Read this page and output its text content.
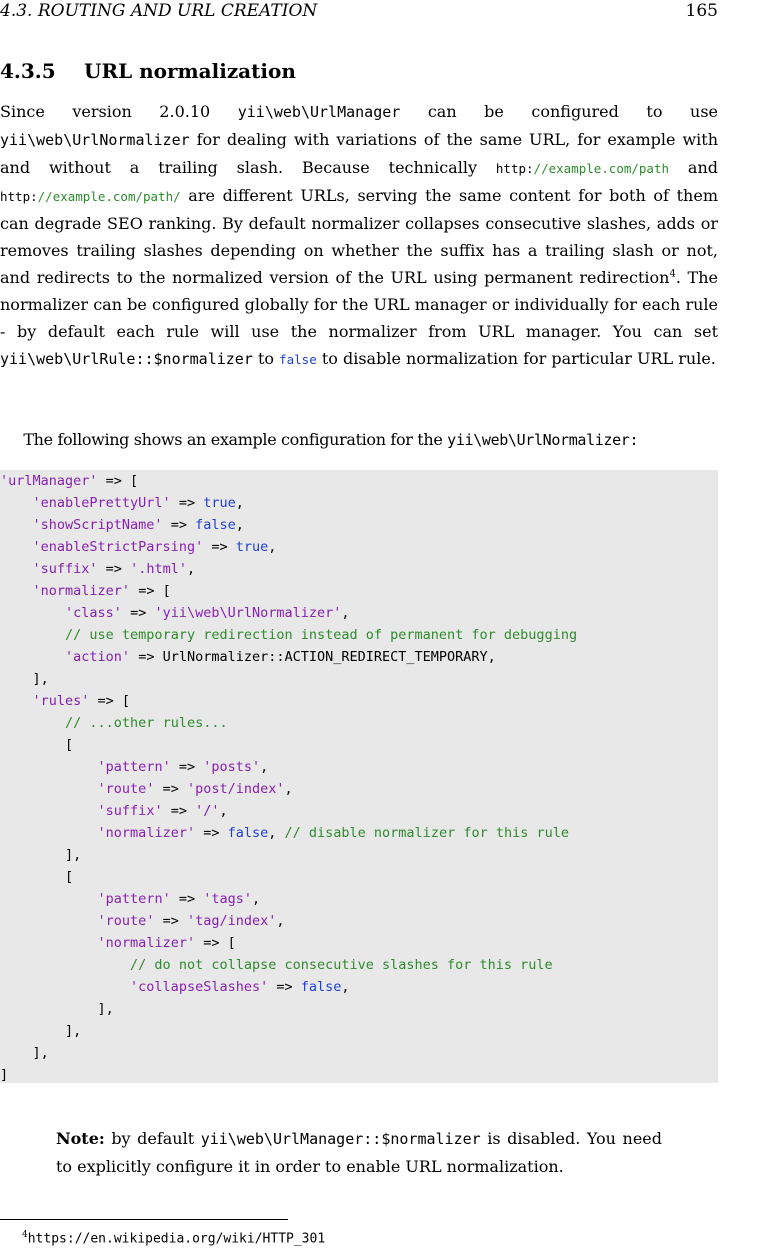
4.3. ROUTING AND URL CREATION	165
4.3.5 URL normalization

Since version 2.0.10 yii\web\UrlManager can be configured to use yii\web\UrlNormalizer for dealing with variations of the same URL, for example with and without a trailing slash. Because technically http://example.com/path and http://example.com/path/ are different URLs, serving the same content for both of them can degrade SEO ranking. By default normalizer collapses consecutive slashes, adds or removes trailing slashes depending on whether the suffix has a trailing slash or not, and redirects to the normalized version of the URL using permanent redirection$^4$. The normalizer can be configured globally for the URL manager or individually for each rule - by default each rule will use the normalizer from URL manager. You can set yii\web\UrlRule::$normalizer to false to disable normalization for particular URL rule.

  The following shows an example configuration for the yii\web\UrlNormalizer:

'urlManager' => [
'enablePrettyUrl' => true,
'showScriptName' => false,
'enableStrictParsing' => true,
'suffix' => '.html',
'normalizer' => [
'class' => 'yii\web\UrlNormalizer',
// use temporary redirection instead of permanent for debugging
'action' => UrlNormalizer::ACTION_REDIRECT_TEMPORARY,
],
'rules' => [
// ...other rules...
[
'pattern' => 'posts',
'route' => 'post/index',
'suffix' => '/',
'normalizer' => false, // disable normalizer for this rule
],
[
'pattern' => 'tags',
'route' => 'tag/index',
'normalizer' => [
// do not collapse consecutive slashes for this rule
'collapseSlashes' => false,
],
],
],
]

Note: by default yii\web\UrlManager::$normalizer is disabled. You need to explicitly configure it in order to enable URL normalization.

$^4$https://en.wikipedia.org/wiki/HTTP_301
